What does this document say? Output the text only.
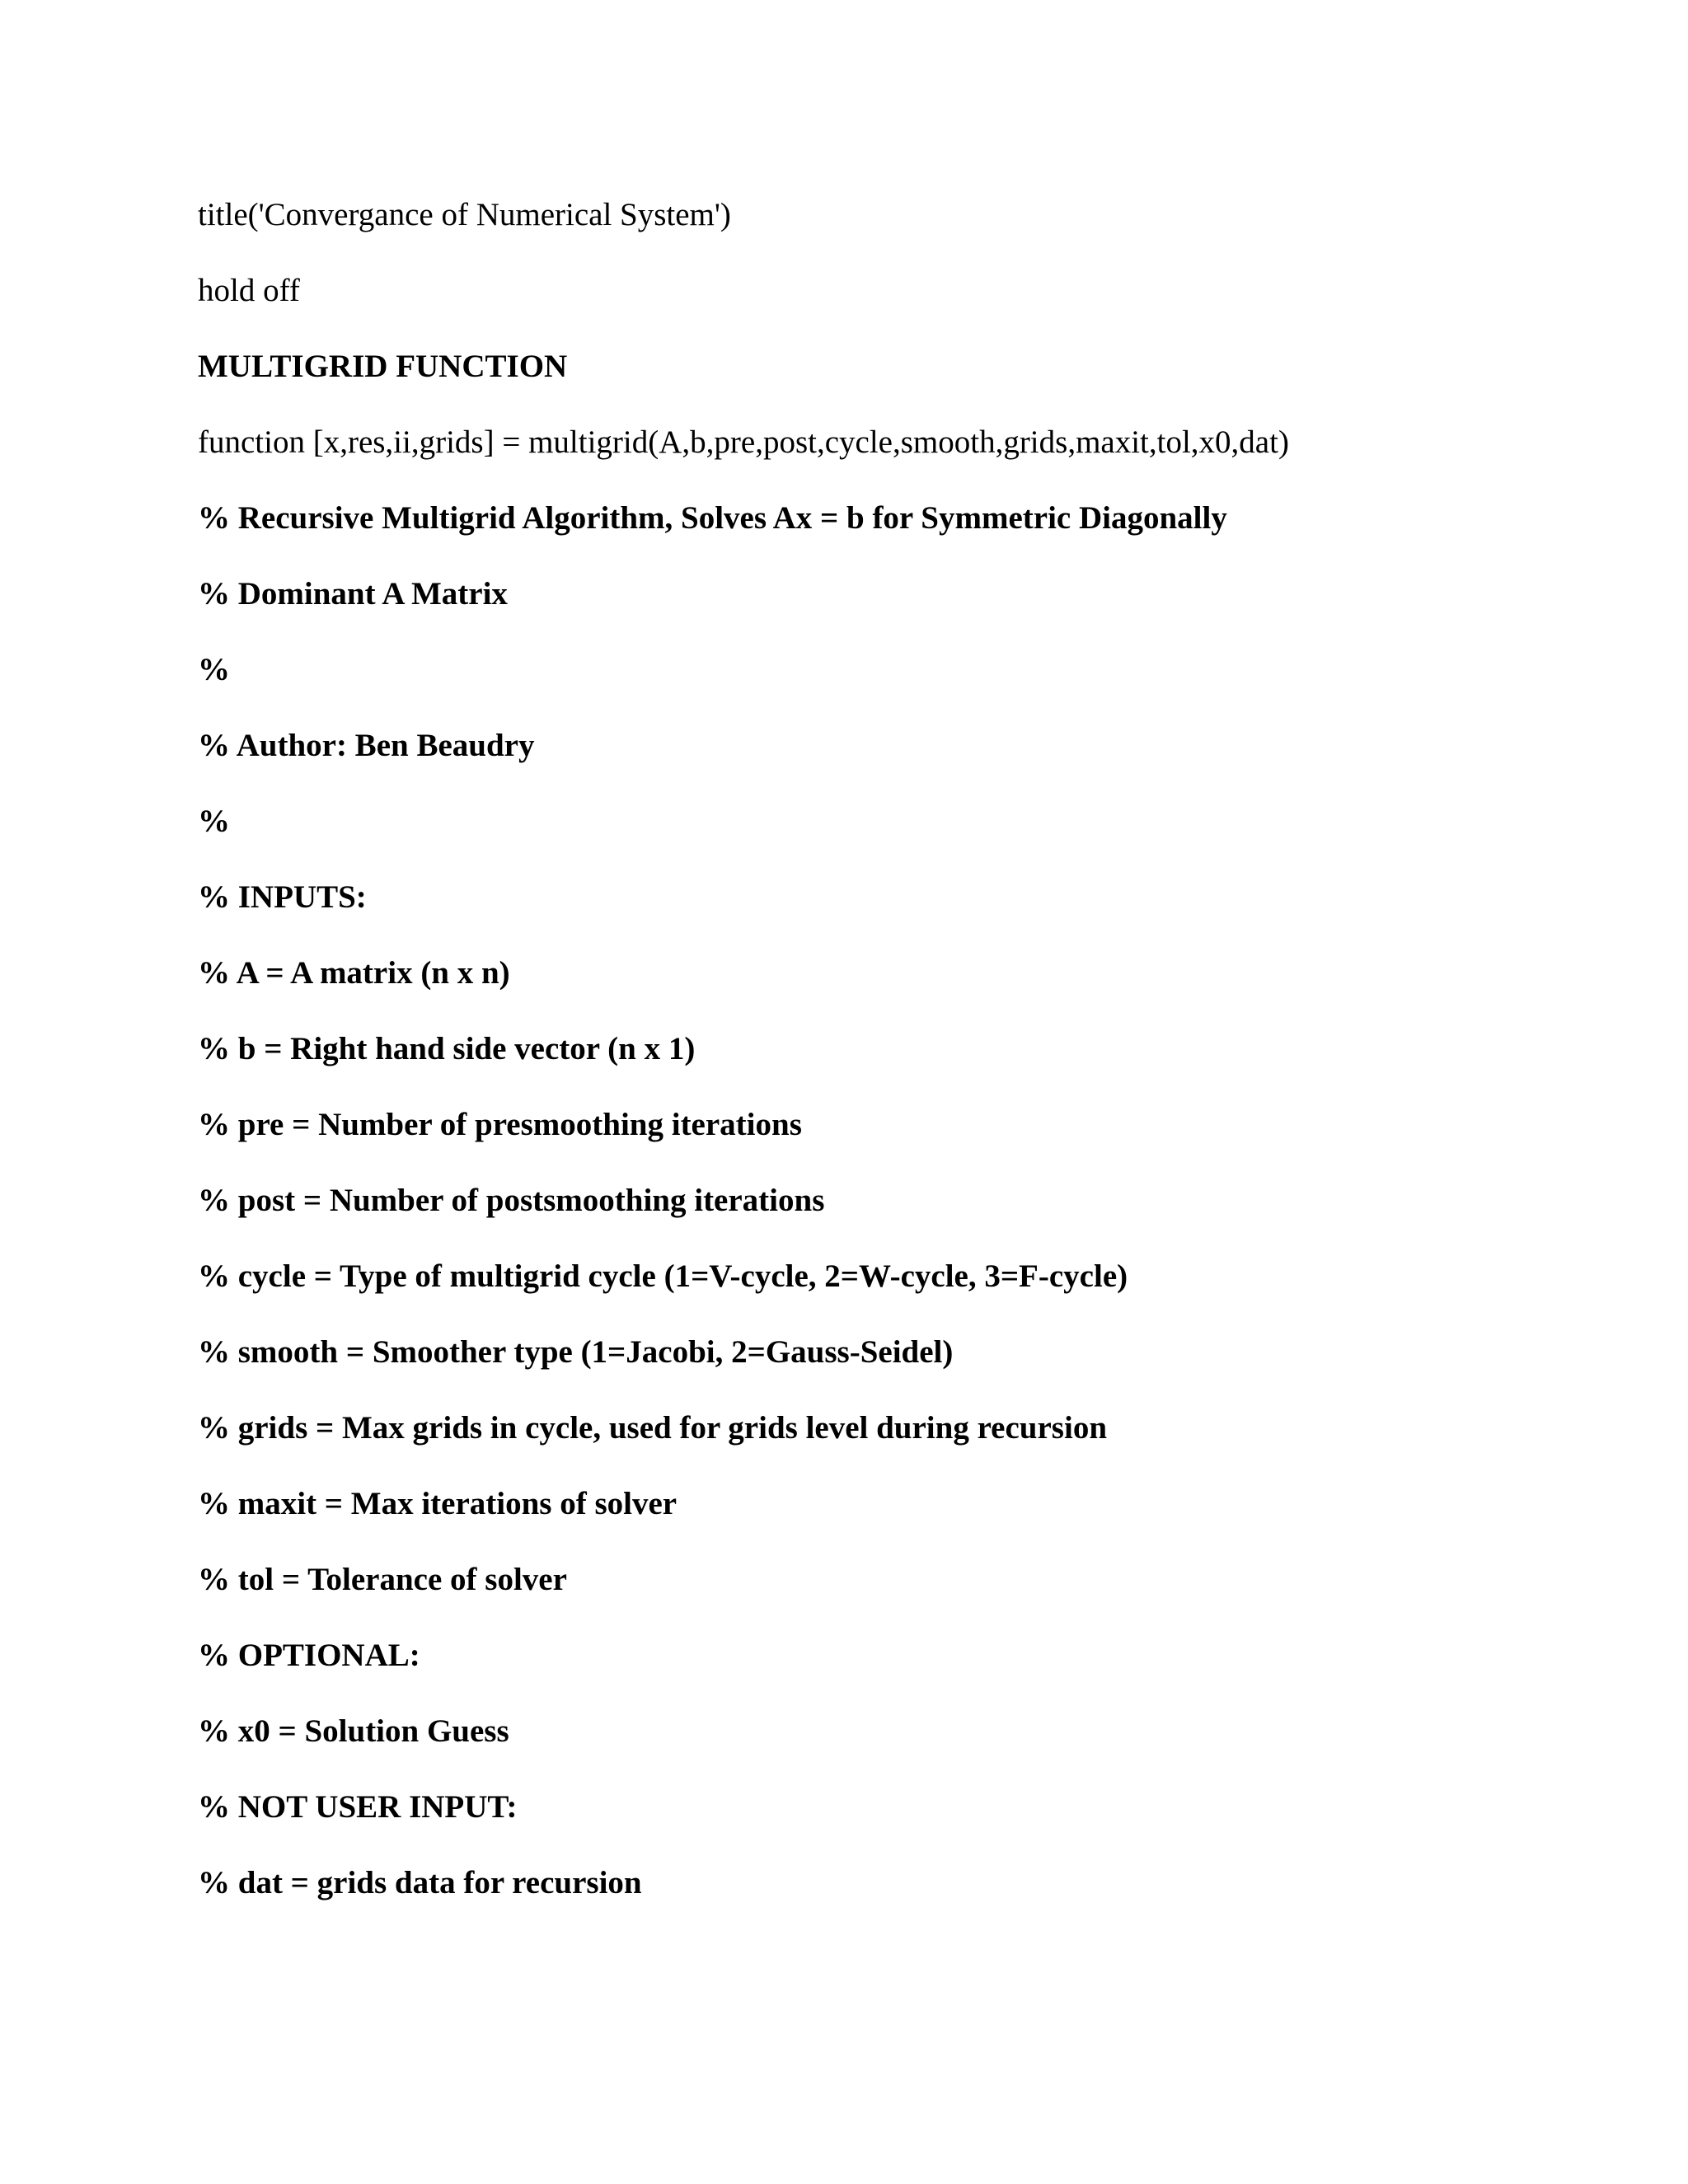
title('Convergance of Numerical System')
hold off
MULTIGRID FUNCTION
function [x,res,ii,grids] = multigrid(A,b,pre,post,cycle,smooth,grids,maxit,tol,x0,dat)
% Recursive Multigrid Algorithm, Solves Ax = b for Symmetric Diagonally
% Dominant A Matrix
%
% Author: Ben Beaudry
%
% INPUTS:
% A = A matrix (n x n)
% b = Right hand side vector (n x 1)
% pre = Number of presmoothing iterations
% post = Number of postsmoothing iterations
% cycle = Type of multigrid cycle (1=V-cycle, 2=W-cycle, 3=F-cycle)
% smooth = Smoother type (1=Jacobi, 2=Gauss-Seidel)
% grids = Max grids in cycle, used for grids level during recursion
% maxit = Max iterations of solver
% tol = Tolerance of solver
% OPTIONAL:
% x0 = Solution Guess
% NOT USER INPUT:
% dat = grids data for recursion
